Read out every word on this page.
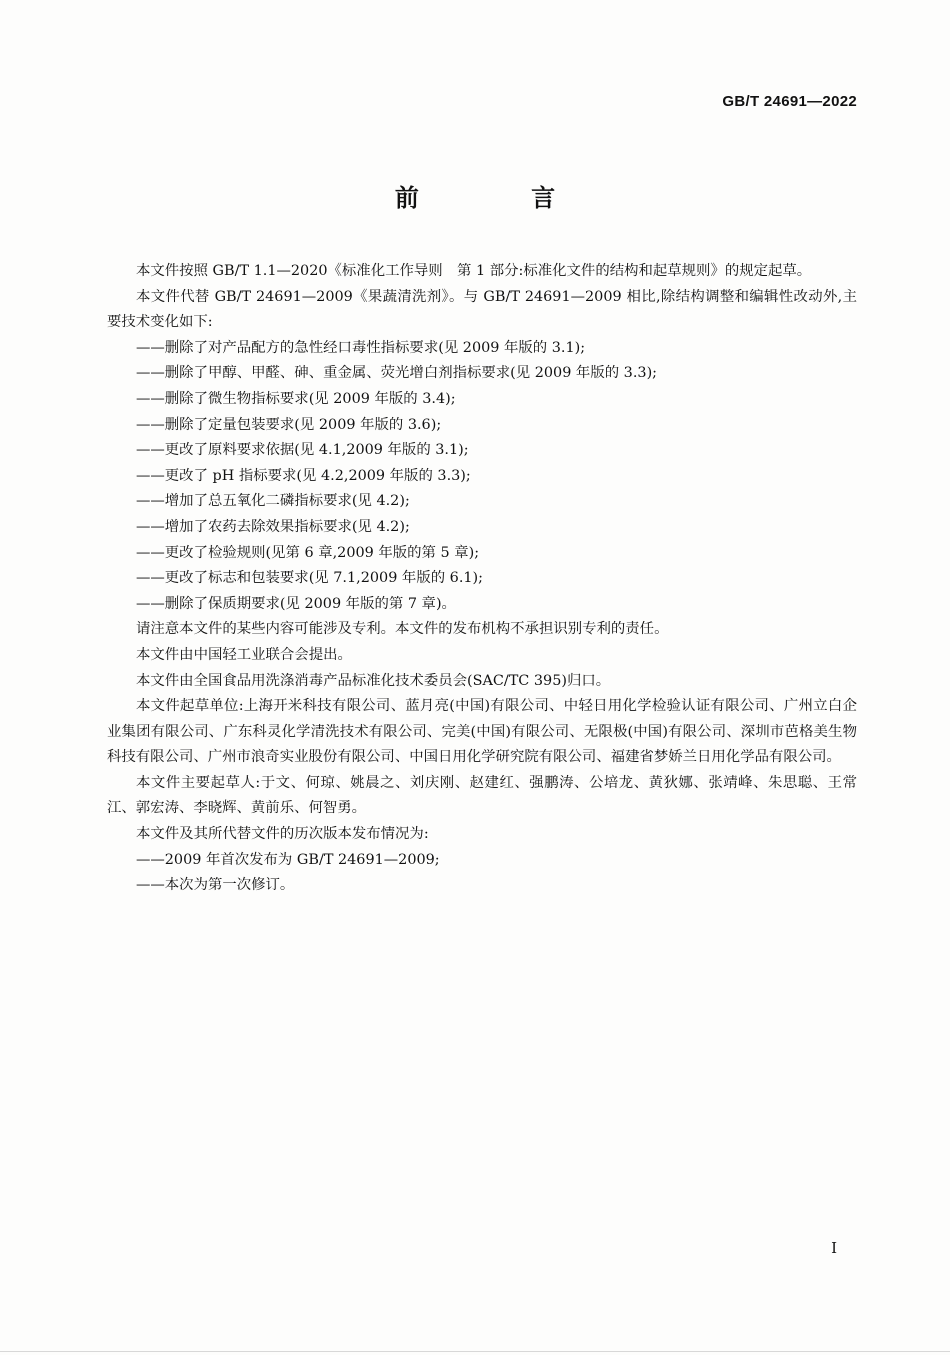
GB/T 24691—2022
前 言

本文件按照 GB/T 1.1—2020《标准化工作导则　第 1 部分:标准化文件的结构和起草规则》的规定起草。

本文件代替 GB/T 24691—2009《果蔬清洗剂》。与 GB/T 24691—2009 相比,除结构调整和编辑性改动外,主要技术变化如下:

——删除了对产品配方的急性经口毒性指标要求(见 2009 年版的 3.1);

——删除了甲醇、甲醛、砷、重金属、荧光增白剂指标要求(见 2009 年版的 3.3);

——删除了微生物指标要求(见 2009 年版的 3.4);

——删除了定量包装要求(见 2009 年版的 3.6);

——更改了原料要求依据(见 4.1,2009 年版的 3.1);

——更改了 pH 指标要求(见 4.2,2009 年版的 3.3);

——增加了总五氧化二磷指标要求(见 4.2);

——增加了农药去除效果指标要求(见 4.2);

——更改了检验规则(见第 6 章,2009 年版的第 5 章);

——更改了标志和包装要求(见 7.1,2009 年版的 6.1);

——删除了保质期要求(见 2009 年版的第 7 章)。

请注意本文件的某些内容可能涉及专利。本文件的发布机构不承担识别专利的责任。

本文件由中国轻工业联合会提出。

本文件由全国食品用洗涤消毒产品标准化技术委员会(SAC/TC 395)归口。

本文件起草单位:上海开米科技有限公司、蓝月亮(中国)有限公司、中轻日用化学检验认证有限公司、广州立白企业集团有限公司、广东科灵化学清洗技术有限公司、完美(中国)有限公司、无限极(中国)有限公司、深圳市芭格美生物科技有限公司、广州市浪奇实业股份有限公司、中国日用化学研究院有限公司、福建省梦娇兰日用化学品有限公司。

本文件主要起草人:于文、何琼、姚晨之、刘庆刚、赵建红、强鹏涛、公培龙、黄狄娜、张靖峰、朱思聪、王常江、郭宏涛、李晓辉、黄前乐、何智勇。

本文件及其所代替文件的历次版本发布情况为:

——2009 年首次发布为 GB/T 24691—2009;

——本次为第一次修订。

I
